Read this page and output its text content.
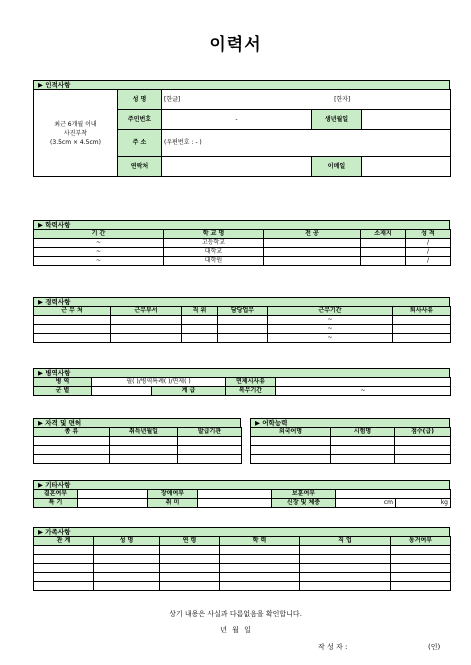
이력서
▶ 인적사항
최근 6개월 이내
사진부착
(3.5cm × 4.5cm)	성 명	[한글] [한자]		
	주민번호	-	생년월일	
	주 소	(우편번호 : - )		
	연락처		이메일	
▶ 학력사항
기 간	학 교 명	전 공	소재지	성 적
~	고등학교			/
~	대학교			/
~	대학원			/
▶ 경력사항
근 무 처	근무부서	직 위	담당업무	근무기간	퇴사사유
				~	
				~	
				~	
▶ 병역사항
병 역	필( )/병역특례( )/면제( )		면제시사유	
군 별		계 급	복무기간	~
▶ 자격 및 면허
종 류	취득년월일	발급기관

▶ 어학능력
외국어명	시험명	점수(급)

▶ 기타사항
결혼여부		장애여부		보훈여부		
특 기		취 미		신장 및 체중	cm	kg
▶ 가족사항
관 계	성 명	연 령	학 력	직 업	동거여부

상기 내용은 사실과 다름없음을 확인합니다.
년 월 일
작 성 자 :	(인)
